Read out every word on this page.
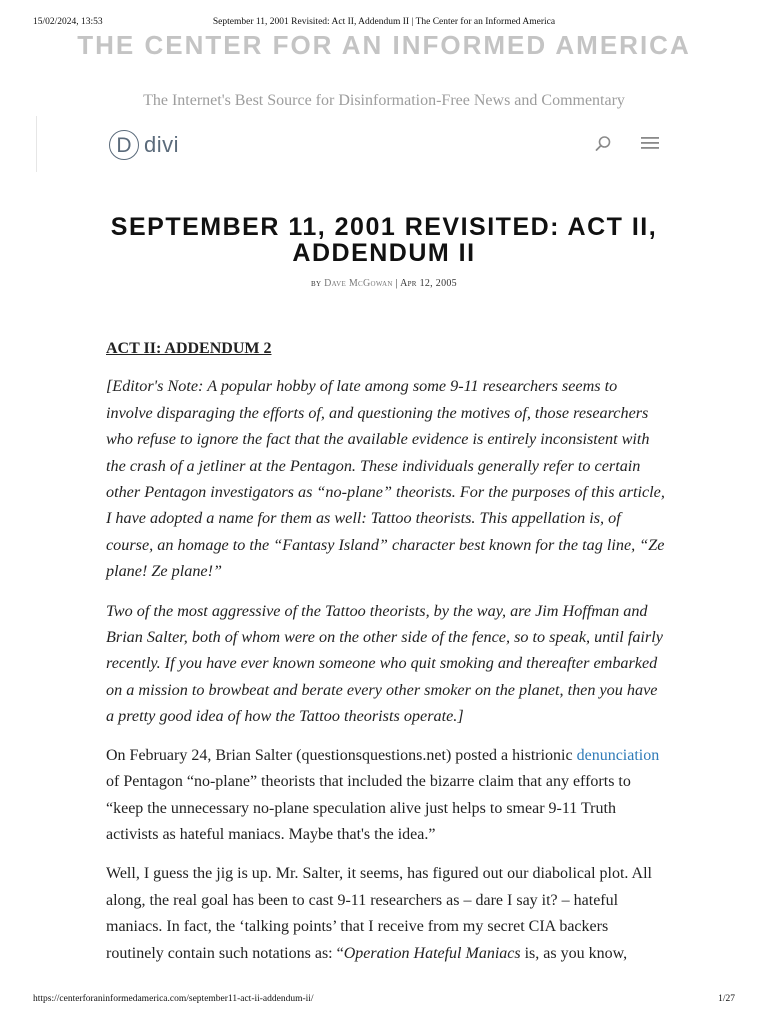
15/02/2024, 13:53	September 11, 2001 Revisited: Act II, Addendum II | The Center for an Informed America
THE CENTER FOR AN INFORMED AMERICA
The Internet's Best Source for Disinformation-Free News and Commentary
D divi
SEPTEMBER 11, 2001 REVISITED: ACT II, ADDENDUM II
by Dave McGowan | Apr 12, 2005

ACT II: ADDENDUM 2

[Editor's Note: A popular hobby of late among some 9-11 researchers seems to involve disparaging the efforts of, and questioning the motives of, those researchers who refuse to ignore the fact that the available evidence is entirely inconsistent with the crash of a jetliner at the Pentagon. These individuals generally refer to certain other Pentagon investigators as “no-plane” theorists. For the purposes of this article, I have adopted a name for them as well: Tattoo theorists. This appellation is, of course, an homage to the “Fantasy Island” character best known for the tag line, “Ze plane! Ze plane!”

Two of the most aggressive of the Tattoo theorists, by the way, are Jim Hoffman and Brian Salter, both of whom were on the other side of the fence, so to speak, until fairly recently. If you have ever known someone who quit smoking and thereafter embarked on a mission to browbeat and berate every other smoker on the planet, then you have a pretty good idea of how the Tattoo theorists operate.]

On February 24, Brian Salter (questionsquestions.net) posted a histrionic denunciation of Pentagon “no-plane” theorists that included the bizarre claim that any efforts to “keep the unnecessary no-plane speculation alive just helps to smear 9-11 Truth activists as hateful maniacs. Maybe that's the idea.”

Well, I guess the jig is up. Mr. Salter, it seems, has figured out our diabolical plot. All along, the real goal has been to cast 9-11 researchers as – dare I say it? – hateful maniacs. In fact, the ‘talking points’ that I receive from my secret CIA backers routinely contain such notations as: “Operation Hateful Maniacs is, as you know,

https://centerforaninformedamerica.com/september11-act-ii-addendum-ii/	1/27
